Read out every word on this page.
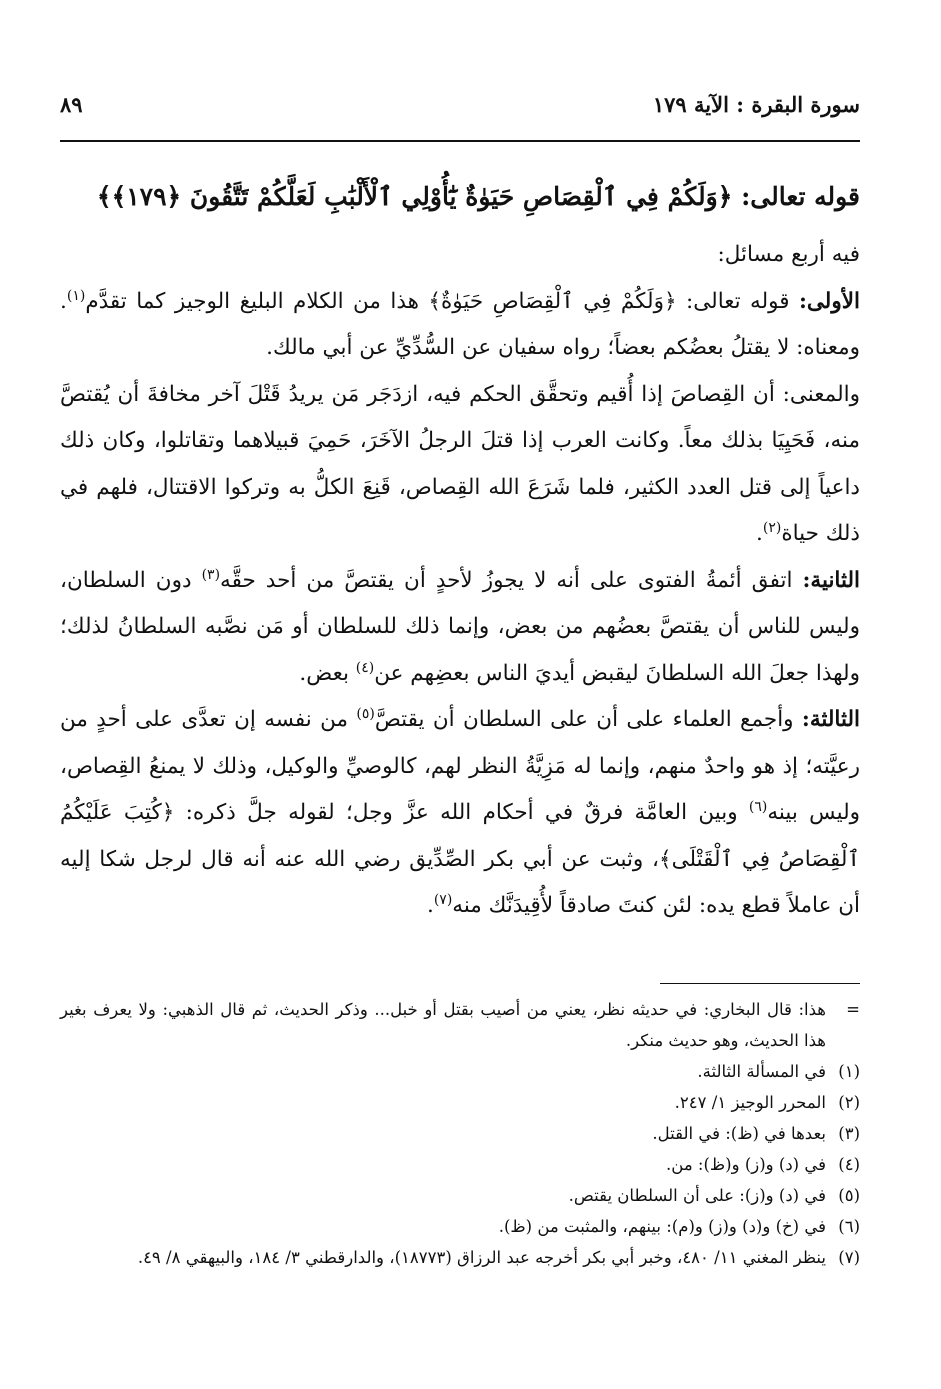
سورة البقرة : الآية ١٧٩
٨٩
قوله تعالى: ﴿وَلَكُمْ فِي ٱلْقِصَاصِ حَيَوٰةٌ يَٰٓأُوْلِي ٱلْأَلْبَٰبِ لَعَلَّكُمْ تَتَّقُونَ ﴿١٧٩﴾﴾

فيه أربع مسائل:

الأولى: قوله تعالى: ﴿وَلَكُمْ فِي ٱلْقِصَاصِ حَيَوٰةٌ﴾ هذا من الكلام البليغ الوجيز كما تقدَّم$^{(١)}$. ومعناه: لا يقتلُ بعضُكم بعضاً؛ رواه سفيان عن السُّدِّيِّ عن أبي مالك.

والمعنى: أن القِصاصَ إذا أُقيم وتحقَّق الحكم فيه، ازدَجَر مَن يريدُ قَتْلَ آخر مخافةَ أن يُقتصَّ منه، فَحَيِيَا بذلك معاً. وكانت العرب إذا قتلَ الرجلُ الآخَرَ، حَمِيَ قبيلاهما وتقاتلوا، وكان ذلك داعياً إلى قتل العدد الكثير، فلما شَرَعَ الله القِصاص، قَنِعَ الكلُّ به وتركوا الاقتتال، فلهم في ذلك حياة$^{(٢)}$.

الثانية: اتفق أئمةُ الفتوى على أنه لا يجوزُ لأحدٍ أن يقتصَّ من أحد حقَّه$^{(٣)}$ دون السلطان، وليس للناس أن يقتصَّ بعضُهم من بعض، وإنما ذلك للسلطان أو مَن نصَّبه السلطانُ لذلك؛ ولهذا جعلَ الله السلطانَ ليقبض أيديَ الناس بعضِهم عن$^{(٤)}$ بعض.

الثالثة: وأجمع العلماء على أن على السلطان أن يقتصَّ$^{(٥)}$ من نفسه إن تعدَّى على أحدٍ من رعيَّته؛ إذ هو واحدٌ منهم، وإنما له مَزِيَّةُ النظر لهم، كالوصيِّ والوكيل، وذلك لا يمنعُ القِصاص، وليس بينه$^{(٦)}$ وبين العامَّة فرقٌ في أحكام الله عزَّ وجل؛ لقوله جلَّ ذكره: ﴿كُتِبَ عَلَيْكُمُ ٱلْقِصَاصُ فِي ٱلْقَتْلَى﴾، وثبت عن أبي بكر الصِّدِّيق رضي الله عنه أنه قال لرجل شكا إليه أن عاملاً قطع يده: لئن كنتَ صادقاً لأُقِيدَنَّك منه$^{(٧)}$.

=
هذا: قال البخاري: في حديثه نظر، يعني من أصيب بقتل أو خبل... وذكر الحديث، ثم قال الذهبي: ولا يعرف بغير هذا الحديث، وهو حديث منكر.
(١)
في المسألة الثالثة.
(٢)
المحرر الوجيز ١/ ٢٤٧.
(٣)
بعدها في (ظ): في القتل.
(٤)
في (د) و(ز) و(ظ): من.
(٥)
في (د) و(ز): على أن السلطان يقتص.
(٦)
في (خ) و(د) و(ز) و(م): بينهم، والمثبت من (ظ).
(٧)
ينظر المغني ١١/ ٤٨٠، وخبر أبي بكر أخرجه عبد الرزاق (١٨٧٧٣)، والدارقطني ٣/ ١٨٤، والبيهقي ٨/ ٤٩.
